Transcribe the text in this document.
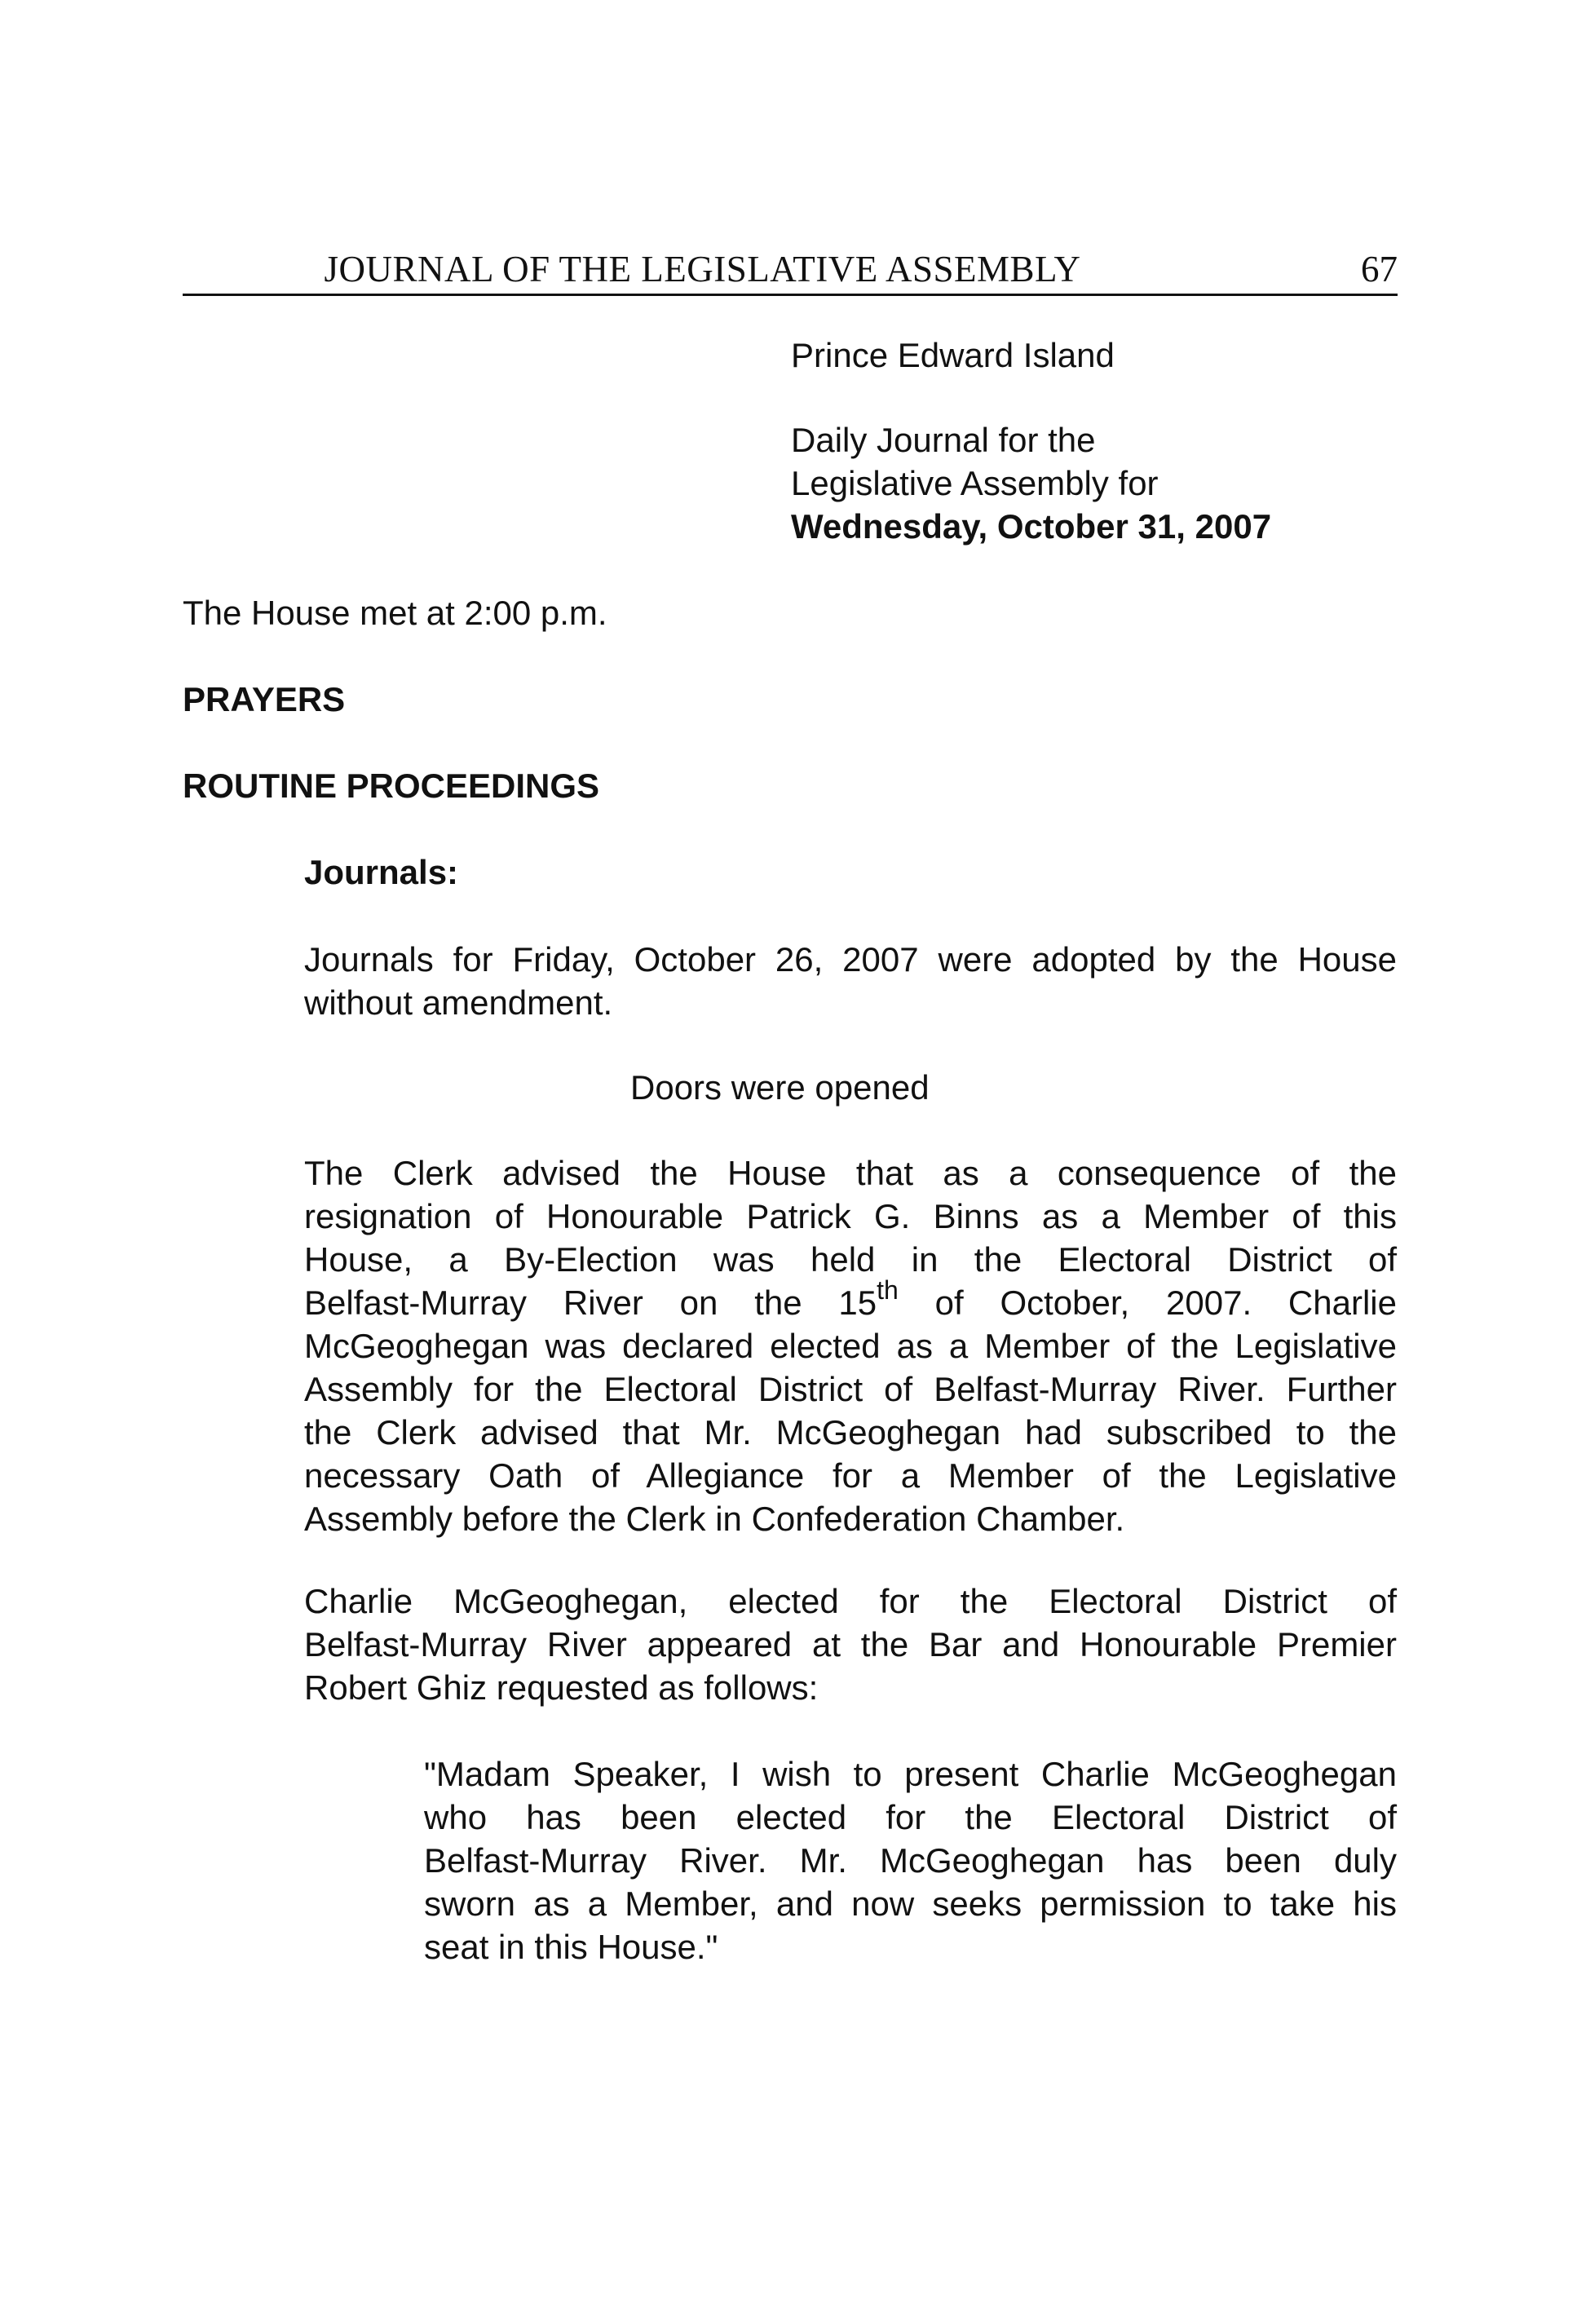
JOURNAL OF THE LEGISLATIVE ASSEMBLY	67
Prince Edward Island
Daily Journal for the
Legislative Assembly for
Wednesday, October 31, 2007
The House met at 2:00 p.m.
PRAYERS
ROUTINE PROCEEDINGS
Journals:

Journals for Friday, October 26, 2007 were adopted by the House

without amendment.

Doors were opened

The Clerk advised the House that as a consequence of the

resignation of Honourable Patrick G. Binns as a Member of this

House, a By-Election was held in the Electoral District of

Belfast-Murray River on the 15th of October, 2007. Charlie

McGeoghegan was declared elected as a Member of the Legislative

Assembly for the Electoral District of Belfast-Murray River. Further

the Clerk advised that Mr. McGeoghegan had subscribed to the

necessary Oath of Allegiance for a Member of the Legislative

Assembly before the Clerk in Confederation Chamber.

Charlie McGeoghegan, elected for the Electoral District of

Belfast-Murray River appeared at the Bar and Honourable Premier

Robert Ghiz requested as follows:

"Madam Speaker, I wish to present Charlie McGeoghegan

who has been elected for the Electoral District of

Belfast-Murray River. Mr. McGeoghegan has been duly

sworn as a Member, and now seeks permission to take his

seat in this House."
